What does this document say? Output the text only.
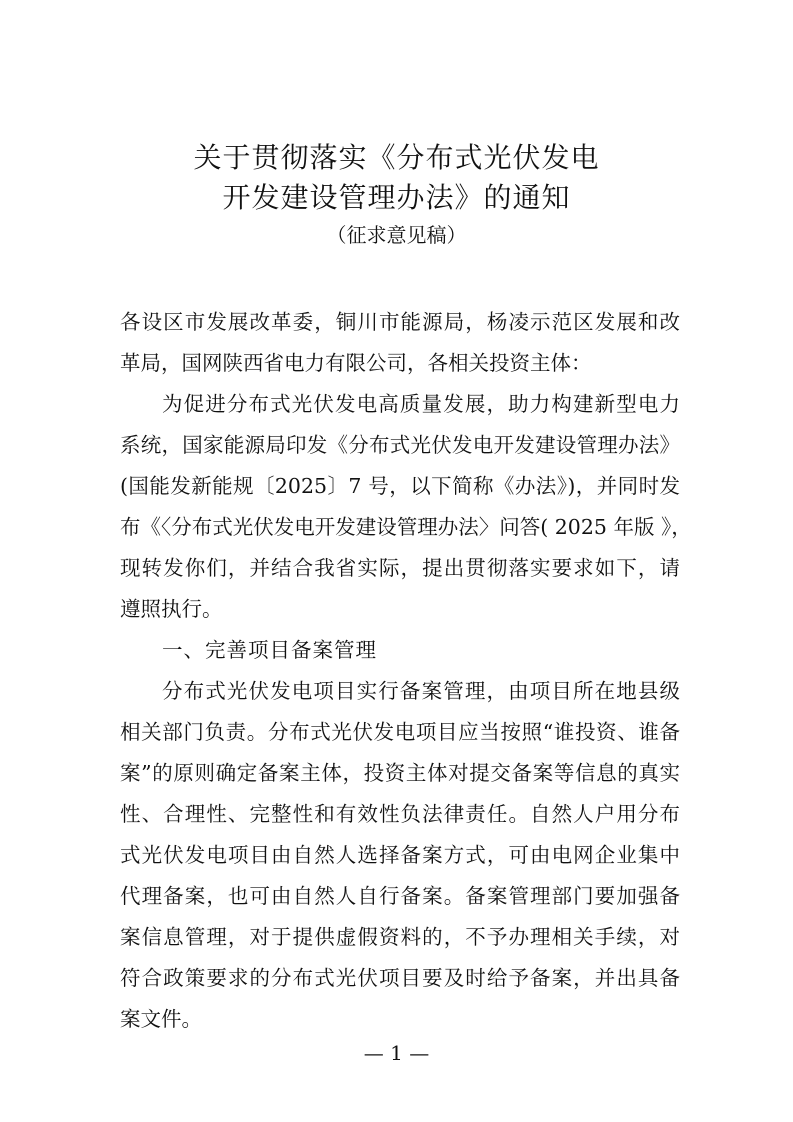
关于贯彻落实《分布式光伏发电
开发建设管理办法》的通知
（征求意见稿）
各设区市发展改革委，铜川市能源局，杨凌示范区发展和改
革局，国网陕西省电力有限公司，各相关投资主体：
为促进分布式光伏发电高质量发展，助力构建新型电力
系统，国家能源局印发《分布式光伏发电开发建设管理办法》
(国能发新能规〔2025〕7 号，以下简称《办法》)，并同时发
布《〈分布式光伏发电开发建设管理办法〉问答( 2025 年版 》，
现转发你们，并结合我省实际，提出贯彻落实要求如下，请
遵照执行。
一、完善项目备案管理
分布式光伏发电项目实行备案管理，由项目所在地县级
相关部门负责。分布式光伏发电项目应当按照“谁投资、谁备
案”的原则确定备案主体，投资主体对提交备案等信息的真实
性、合理性、完整性和有效性负法律责任。自然人户用分布
式光伏发电项目由自然人选择备案方式，可由电网企业集中
代理备案，也可由自然人自行备案。备案管理部门要加强备
案信息管理，对于提供虚假资料的，不予办理相关手续，对
符合政策要求的分布式光伏项目要及时给予备案，并出具备
案文件。
— 1 —
